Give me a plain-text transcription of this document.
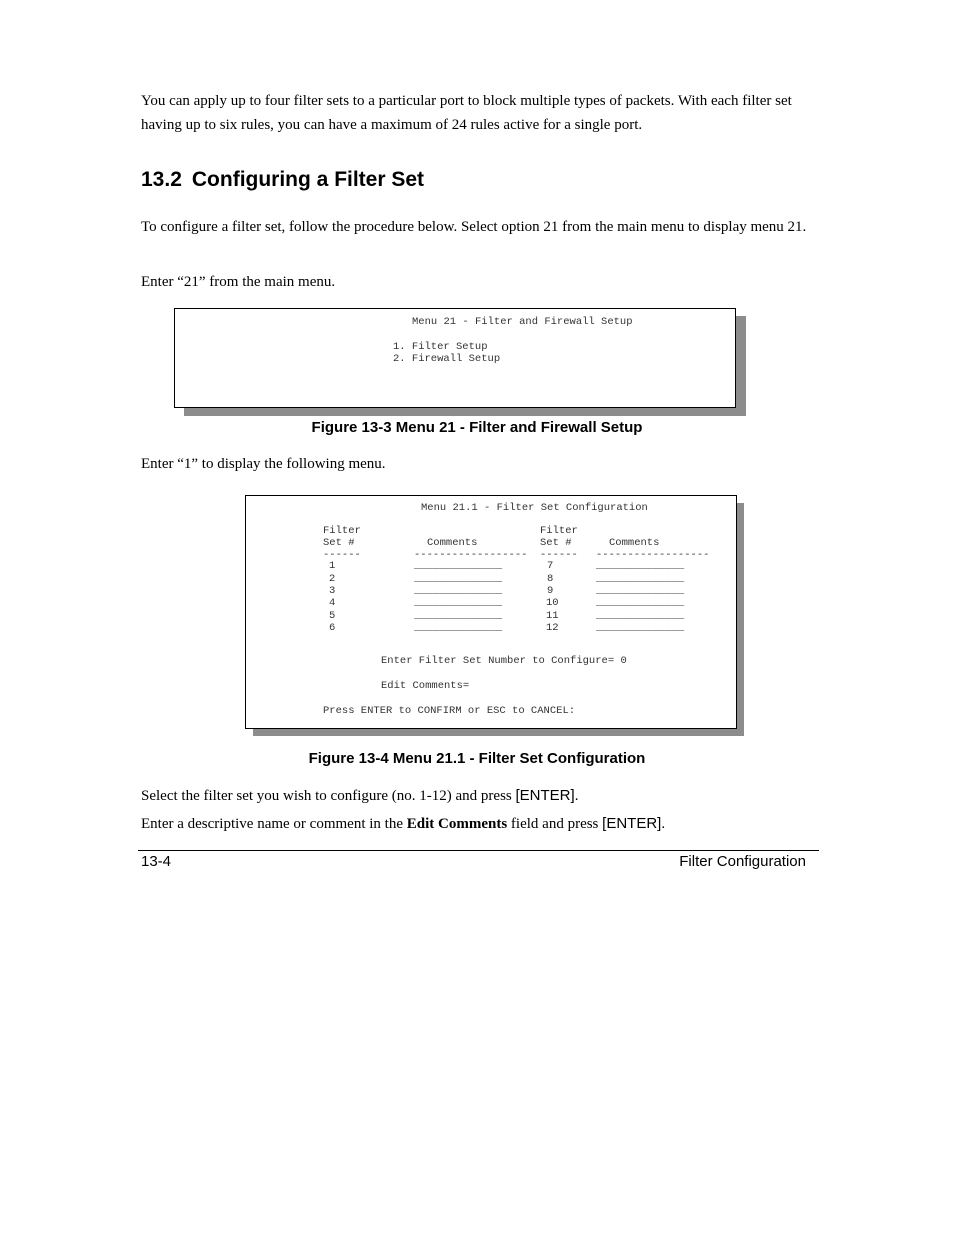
You can apply up to four filter sets to a particular port to block multiple types of packets. With each filter set having up to six rules, you can have a maximum of 24 rules active for a single port.

13.2 Configuring a Filter Set

To configure a filter set, follow the procedure below. Select option 21 from the main menu to display menu 21.

Enter “21” from the main menu.

Menu 21 - Filter and Firewall Setup
1. Filter Setup
2. Firewall Setup
Figure 13-3 Menu 21 - Filter and Firewall Setup

Enter “1” to display the following menu.

Menu 21.1 - Filter Set Configuration
Filter	Filter
Set #	Comments	Set #	Comments
------	------------------ ------ ------------------
1	______________	7	______________
2	______________	8	______________
3	______________	9	______________
4	______________	10	______________
5	______________	11	______________
6	______________	12	______________
Enter Filter Set Number to Configure= 0
Edit Comments=
Press ENTER to CONFIRM or ESC to CANCEL:
Figure 13-4 Menu 21.1 - Filter Set Configuration

Select the filter set you wish to configure (no. 1-12) and press [ENTER].

Enter a descriptive name or comment in the Edit Comments field and press [ENTER].

13-4	Filter Configuration
